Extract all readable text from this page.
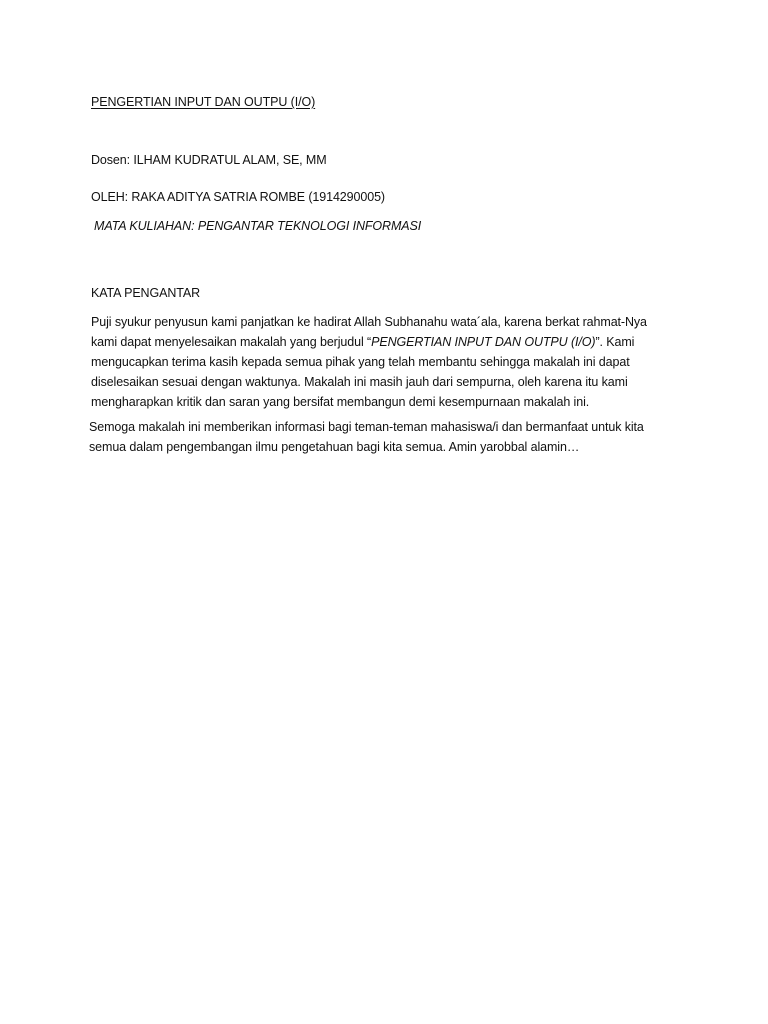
PENGERTIAN INPUT DAN OUTPU (I/O)
Dosen: ILHAM KUDRATUL ALAM, SE, MM
OLEH: RAKA ADITYA SATRIA ROMBE (1914290005)
MATA KULIAHAN: PENGANTAR TEKNOLOGI INFORMASI
KATA PENGANTAR
Puji syukur penyusun kami panjatkan ke hadirat Allah Subhanahu wata´ala, karena berkat rahmat-Nya
kami dapat menyelesaikan makalah yang berjudul “PENGERTIAN INPUT DAN OUTPU (I/O)”. Kami
mengucapkan terima kasih kepada semua pihak yang telah membantu sehingga makalah ini dapat
diselesaikan sesuai dengan waktunya. Makalah ini masih jauh dari sempurna, oleh karena itu kami
mengharapkan kritik dan saran yang bersifat membangun demi kesempurnaan makalah ini.
Semoga makalah ini memberikan informasi bagi teman-teman mahasiswa/i dan bermanfaat untuk kita
semua dalam pengembangan ilmu pengetahuan bagi kita semua. Amin yarobbal alamin…
